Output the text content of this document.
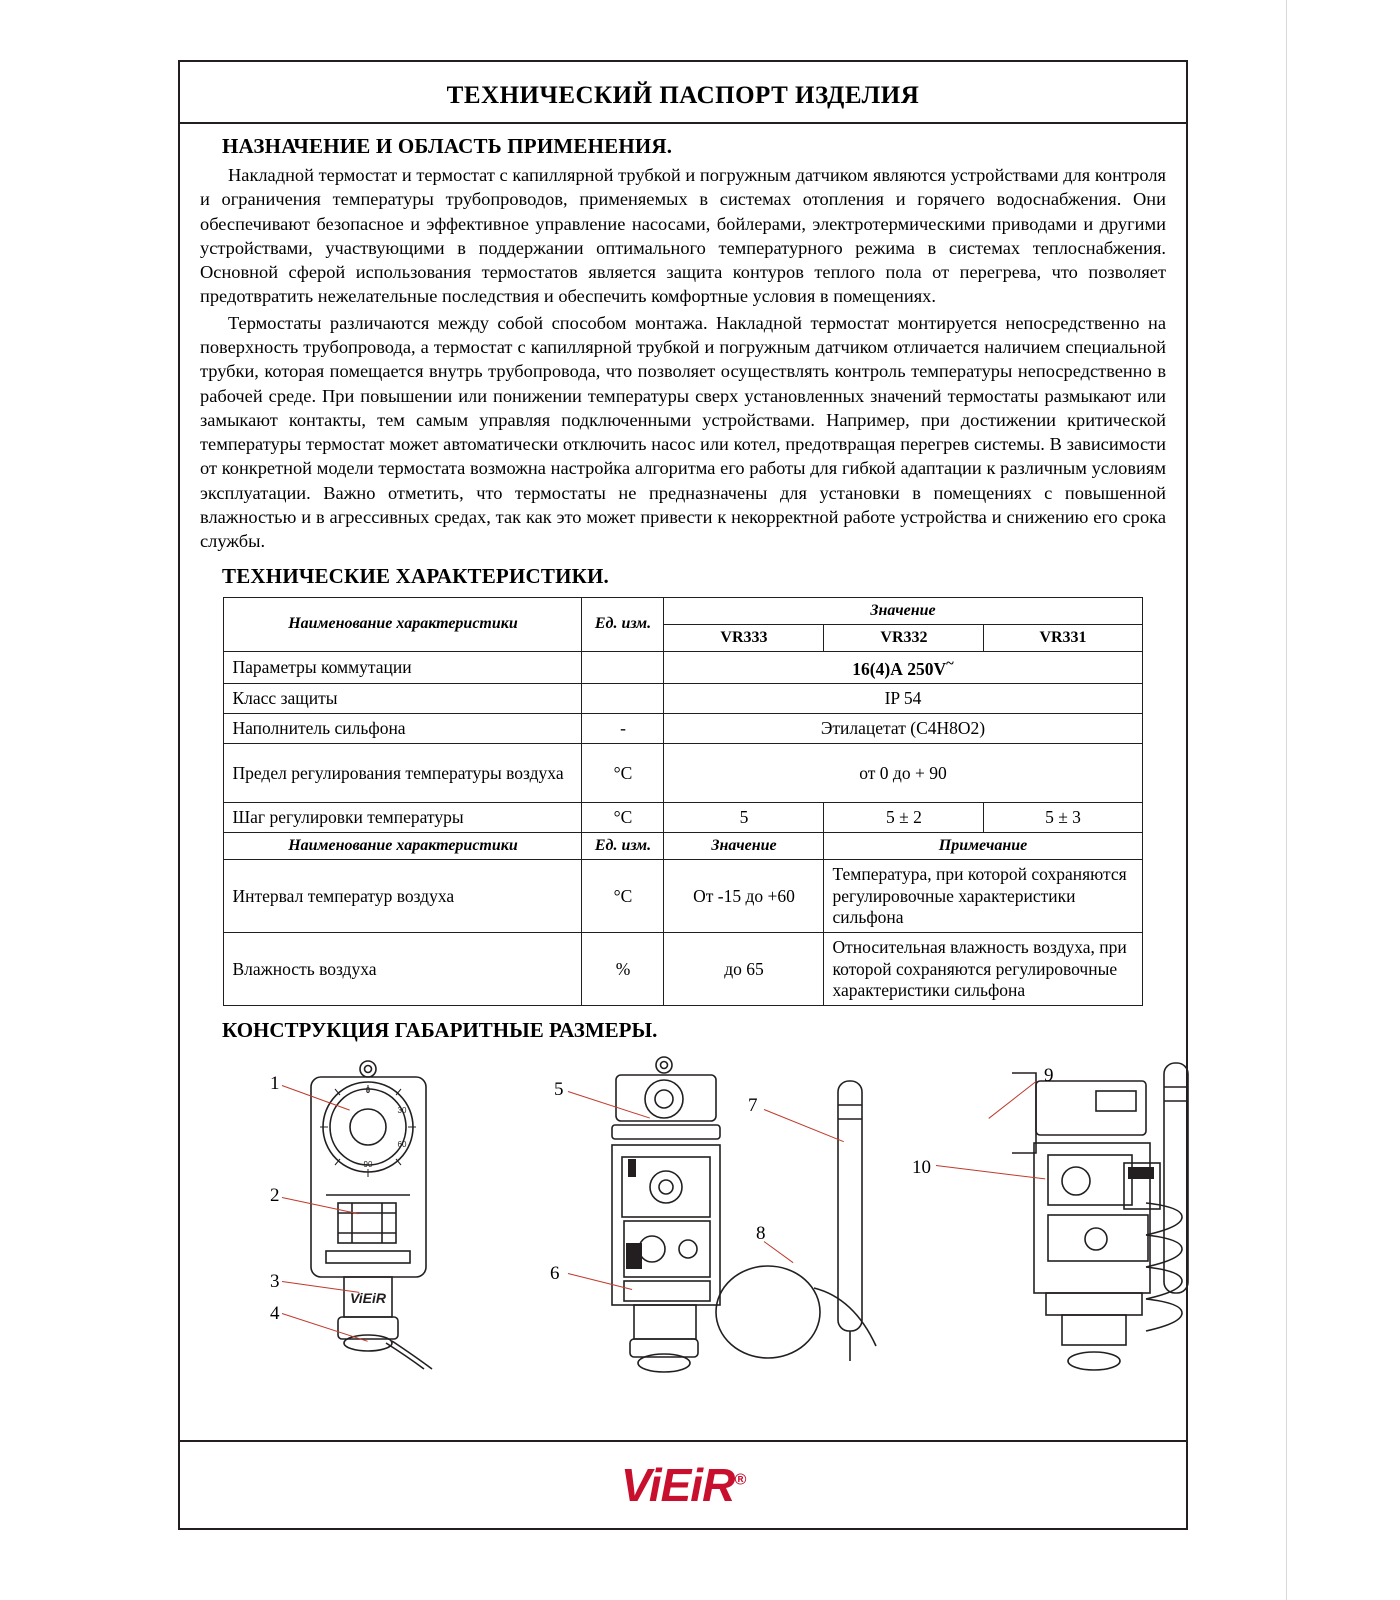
ТЕХНИЧЕСКИЙ ПАСПОРТ ИЗДЕЛИЯ
НАЗНАЧЕНИЕ И ОБЛАСТЬ ПРИМЕНЕНИЯ.

Накладной термостат и термостат с капиллярной трубкой и погружным датчиком являются устройствами для контроля и ограничения температуры трубопроводов, применяемых в системах отопления и горячего водоснабжения. Они обеспечивают безопасное и эффективное управление насосами, бойлерами, электротермическими приводами и другими устройствами, участвующими в поддержании оптимального температурного режима в системах теплоснабжения. Основной сферой использования термостатов является защита контуров теплого пола от перегрева, что позволяет предотвратить нежелательные последствия и обеспечить комфортные условия в помещениях.

Термостаты различаются между собой способом монтажа. Накладной термостат монтируется непосредственно на поверхность трубопровода, а термостат с капиллярной трубкой и погружным датчиком отличается наличием специальной трубки, которая помещается внутрь трубопровода, что позволяет осуществлять контроль температуры непосредственно в рабочей среде. При повышении или понижении температуры сверх установленных значений термостаты размыкают или замыкают контакты, тем самым управляя подключенными устройствами. Например, при достижении критической температуры термостат может автоматически отключить насос или котел, предотвращая перегрев системы. В зависимости от конкретной модели термостата возможна настройка алгоритма его работы для гибкой адаптации к различным условиям эксплуатации. Важно отметить, что термостаты не предназначены для установки в помещениях с повышенной влажностью и в агрессивных средах, так как это может привести к некорректной работе устройства и снижению его срока службы.

ТЕХНИЧЕСКИЕ ХАРАКТЕРИСТИКИ.
Наименование характеристики	Ед. изм.	Значение		
		VR333	VR332	VR331
Параметры коммутации		16(4)А 250V~
Класс защиты		IP 54		
Наполнитель сильфона	-	Этилацетат (C4H8O2)		
Предел регулирования температуры воздуха	°C	от 0 до + 90		
Шаг регулировки температуры	°C	5	5 ± 2	5 ± 3
Наименование характеристики	Ед. изм.	Значение	Примечание	
Интервал температур воздуха	°C	От -15 до +60	Температура, при которой сохраняются регулировочные характеристики сильфона	
Влажность воздуха	%	до 65	Относительная влажность воздуха, при которой сохраняются регулировочные характеристики сильфона	
КОНСТРУКЦИЯ ГАБАРИТНЫЕ РАЗМЕРЫ.
0
30
60
90
ViEiR
1
2
3
4
5
6
7
8
9
10
ViEiR®
